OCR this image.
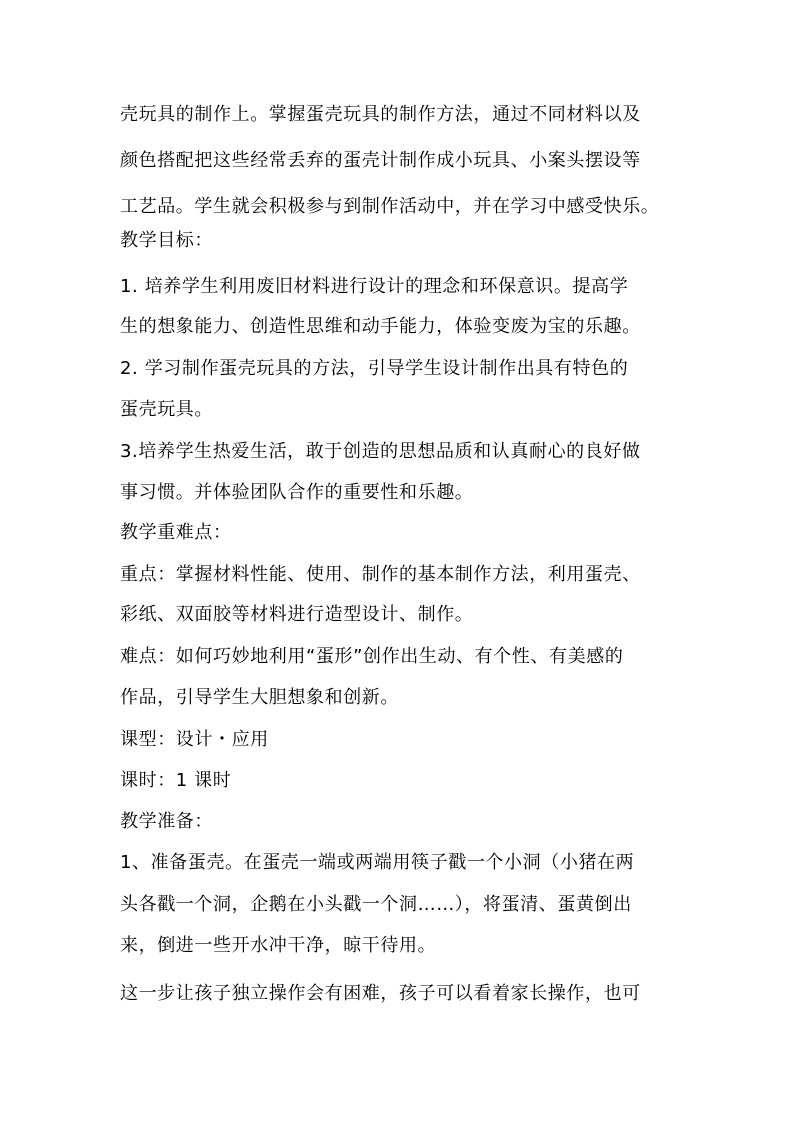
壳玩具的制作上。掌握蛋壳玩具的制作方法，通过不同材料以及
颜色搭配把这些经常丢弃的蛋壳计制作成小玩具、小案头摆设等
工艺品。学生就会积极参与到制作活动中，并在学习中感受快乐。
教学目标：
1. 培养学生利用废旧材料进行设计的理念和环保意识。提高学
生的想象能力、创造性思维和动手能力，体验变废为宝的乐趣。
2. 学习制作蛋壳玩具的方法，引导学生设计制作出具有特色的
蛋壳玩具。
3.培养学生热爱生活，敢于创造的思想品质和认真耐心的良好做
事习惯。并体验团队合作的重要性和乐趣。
教学重难点：
重点：掌握材料性能、使用、制作的基本制作方法，利用蛋壳、
彩纸、双面胶等材料进行造型设计、制作。
难点：如何巧妙地利用“蛋形”创作出生动、有个性、有美感的
作品，引导学生大胆想象和创新。
课型：设计・应用
课时：1 课时
教学准备：
1、准备蛋壳。在蛋壳一端或两端用筷子戳一个小洞（小猪在两
头各戳一个洞，企鹅在小头戳一个洞……），将蛋清、蛋黄倒出
来，倒进一些开水冲干净，晾干待用。
这一步让孩子独立操作会有困难，孩子可以看着家长操作，也可
